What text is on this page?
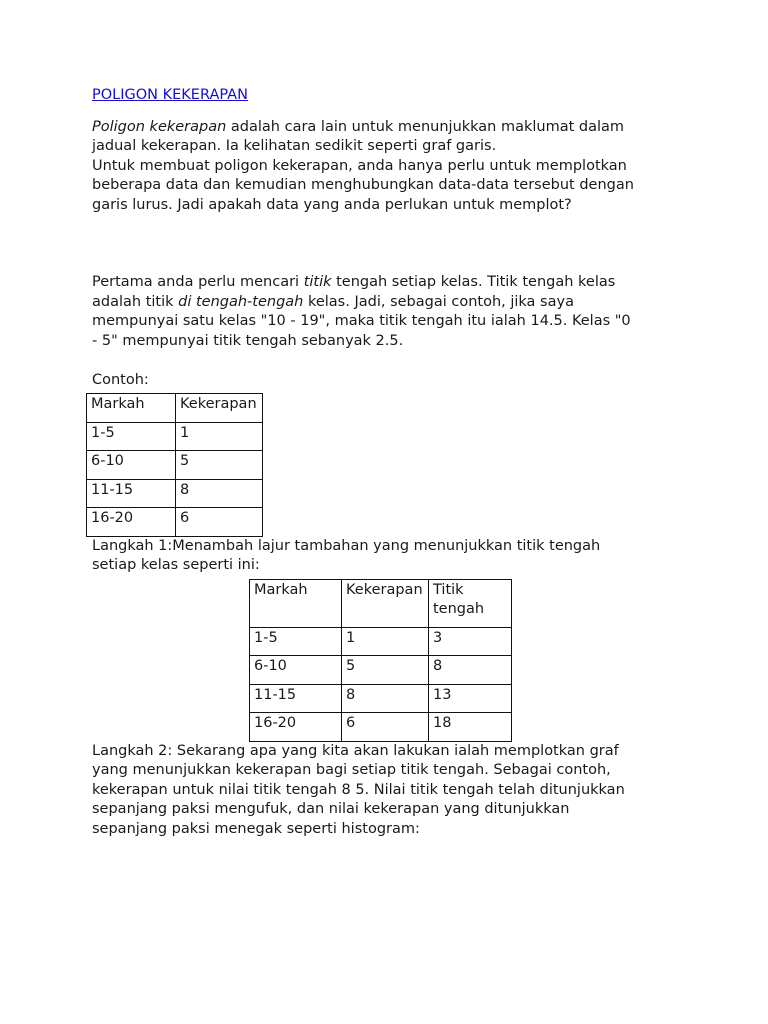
POLIGON KEKERAPAN

Poligon kekerapan adalah cara lain untuk menunjukkan maklumat dalam

jadual kekerapan. Ia kelihatan sedikit seperti graf garis.

Untuk membuat poligon kekerapan, anda hanya perlu untuk memplotkan

beberapa data dan kemudian menghubungkan data-data tersebut dengan

garis lurus. Jadi apakah data yang anda perlukan untuk memplot?

Pertama anda perlu mencari titik tengah setiap kelas. Titik tengah kelas

adalah titik di tengah-tengah kelas. Jadi, sebagai contoh, jika saya

mempunyai satu kelas "10 - 19", maka titik tengah itu ialah 14.5. Kelas "0

- 5" mempunyai titik tengah sebanyak 2.5.

Contoh:

Markah	Kekerapan
1-5	1
6-10	5
11-15	8
16-20	6

Langkah 1:Menambah lajur tambahan yang menunjukkan titik tengah

setiap kelas seperti ini:

Markah	Kekerapan	Titik tengah
1-5	1	3
6-10	5	8
11-15	8	13
16-20	6	18

Langkah 2: Sekarang apa yang kita akan lakukan ialah memplotkan graf

yang menunjukkan kekerapan bagi setiap titik tengah. Sebagai contoh,

kekerapan untuk nilai titik tengah 8 5. Nilai titik tengah telah ditunjukkan

sepanjang paksi mengufuk, dan nilai kekerapan yang ditunjukkan

sepanjang paksi menegak seperti histogram:
